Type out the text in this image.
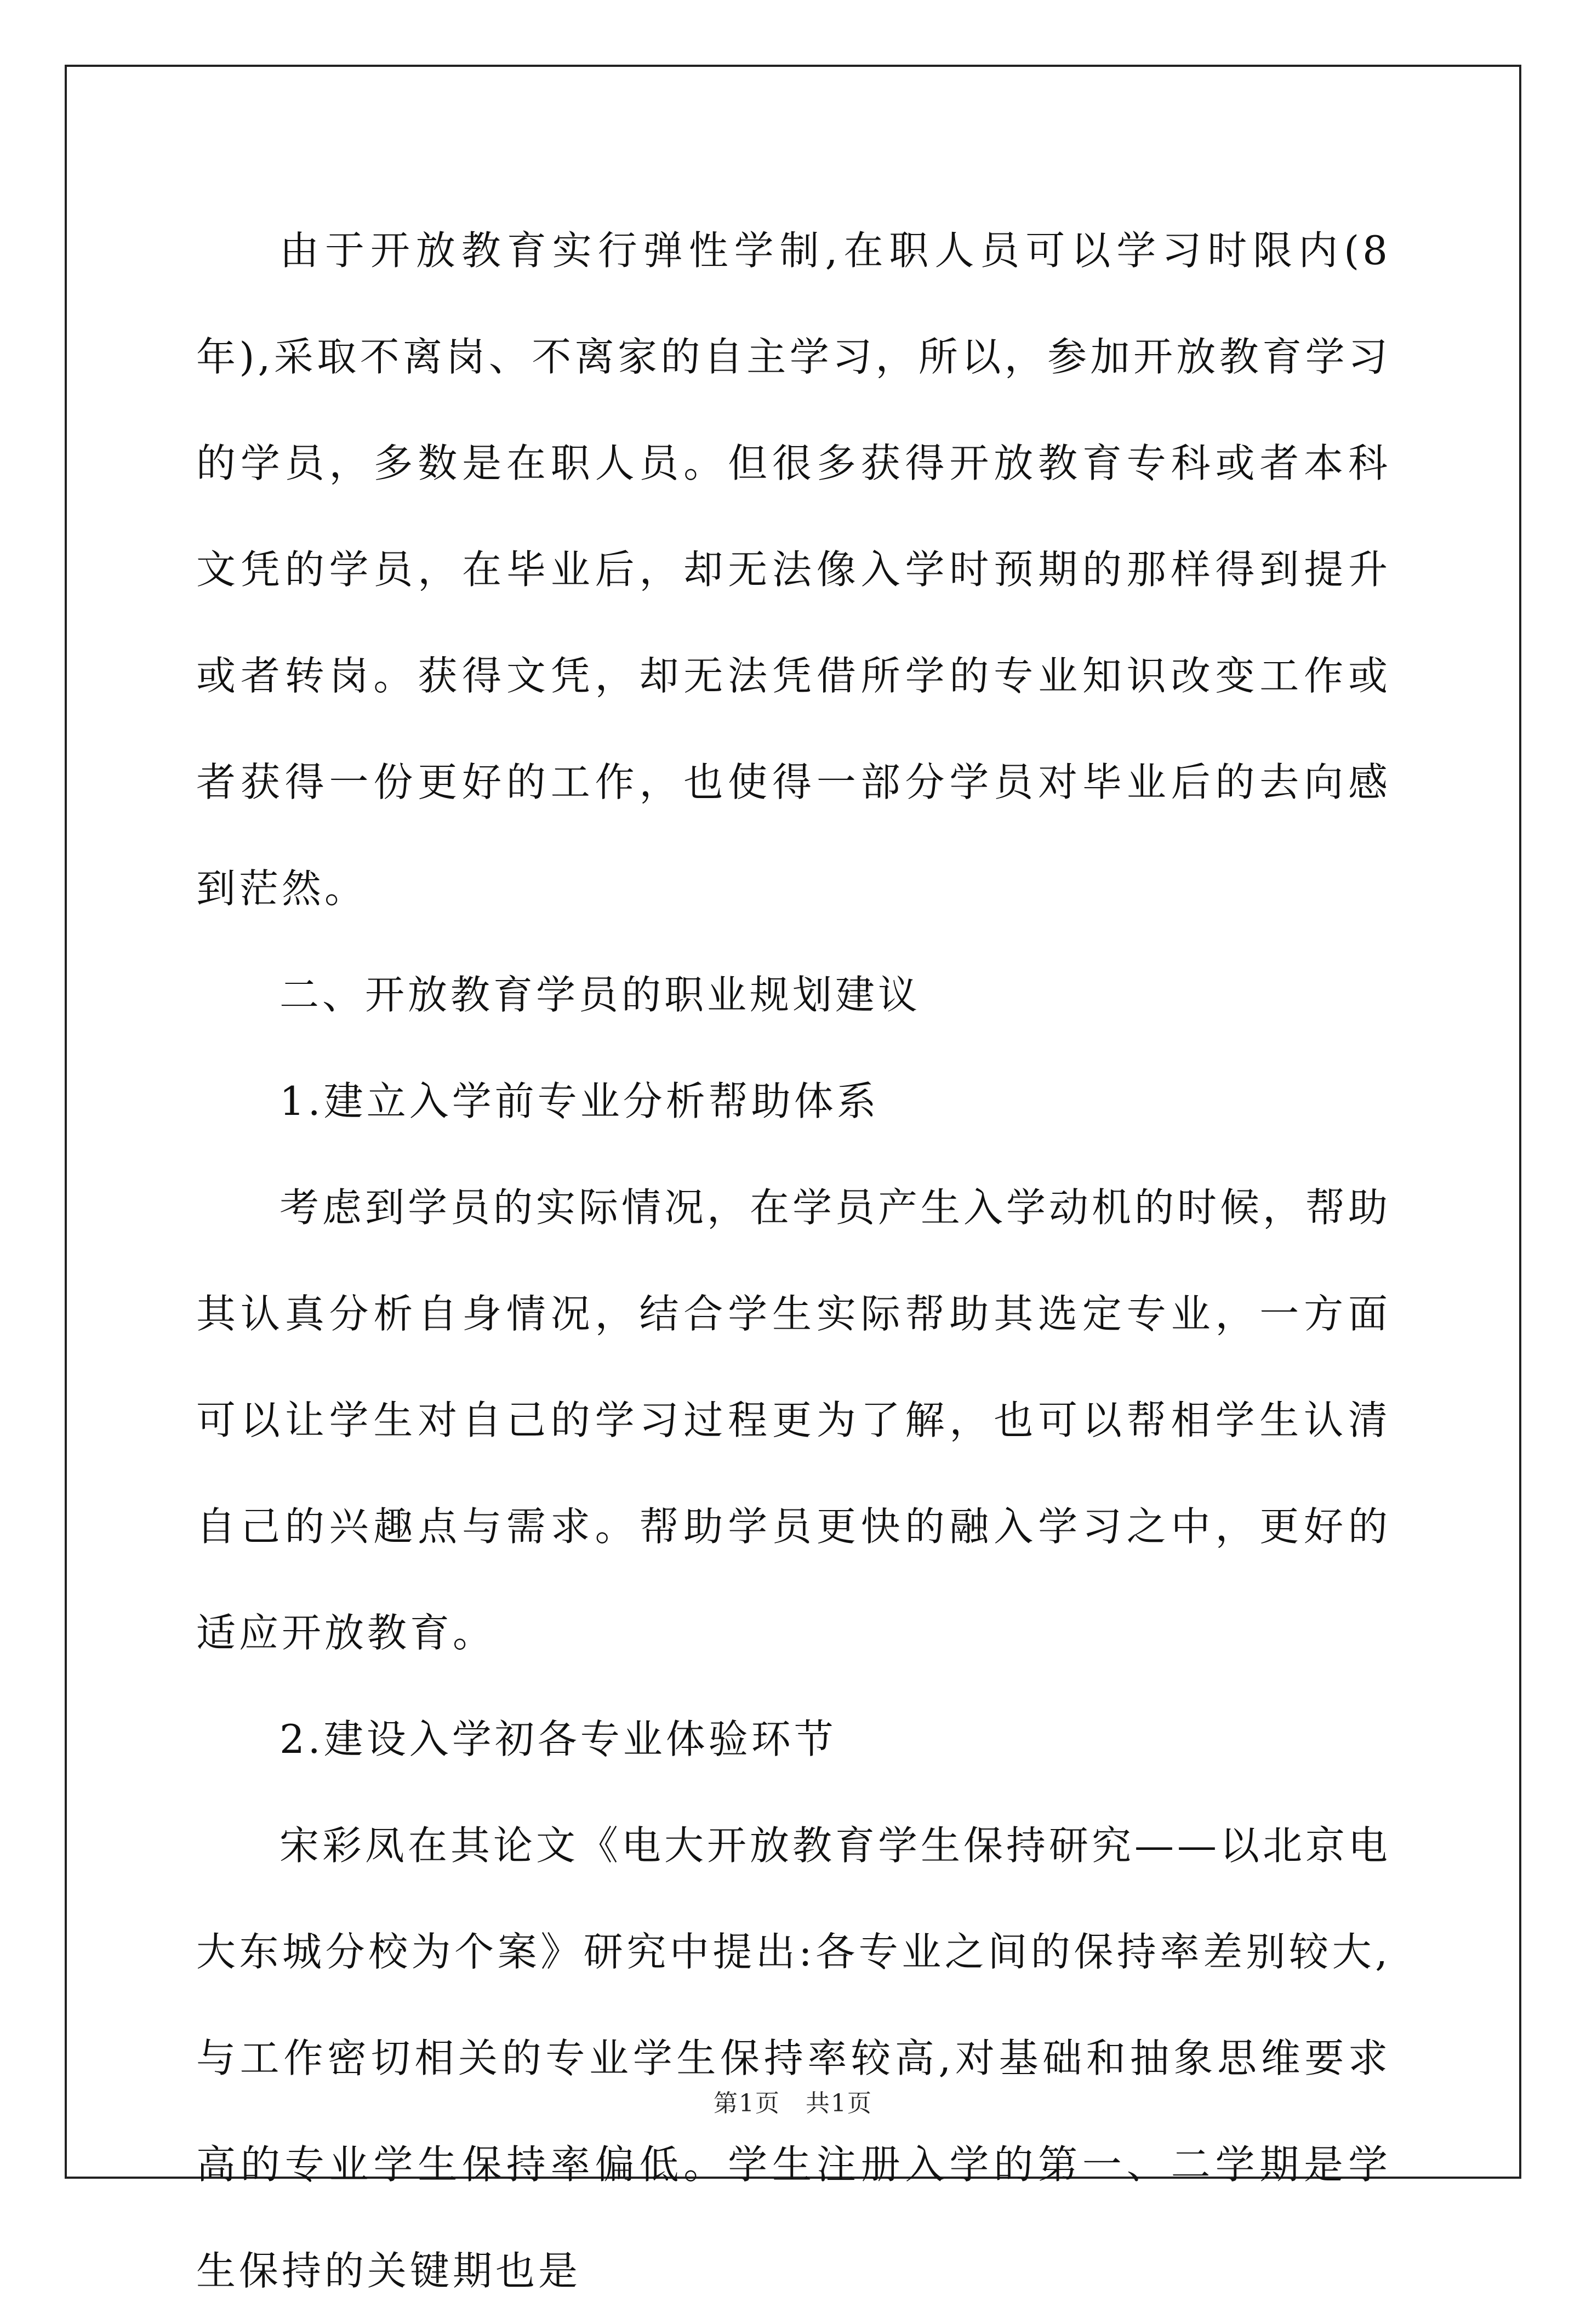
由于开放教育实行弹性学制,在职人员可以学习时限内(8年),采取不离岗、不离家的自主学习，所以，参加开放教育学习的学员，多数是在职人员。但很多获得开放教育专科或者本科文凭的学员，在毕业后，却无法像入学时预期的那样得到提升或者转岗。获得文凭，却无法凭借所学的专业知识改变工作或者获得一份更好的工作，也使得一部分学员对毕业后的去向感到茫然。

二、开放教育学员的职业规划建议

1.建立入学前专业分析帮助体系

考虑到学员的实际情况，在学员产生入学动机的时候，帮助其认真分析自身情况，结合学生实际帮助其选定专业，一方面可以让学生对自己的学习过程更为了解，也可以帮相学生认清自己的兴趣点与需求。帮助学员更快的融入学习之中，更好的适应开放教育。

2.建设入学初各专业体验环节

宋彩凤在其论文《电大开放教育学生保持研究——以北京电大东城分校为个案》研究中提出:各专业之间的保持率差别较大,与工作密切相关的专业学生保持率较高,对基础和抽象思维要求高的专业学生保持率偏低。学生注册入学的第一、二学期是学生保持的关键期也是

第1页　共1页
